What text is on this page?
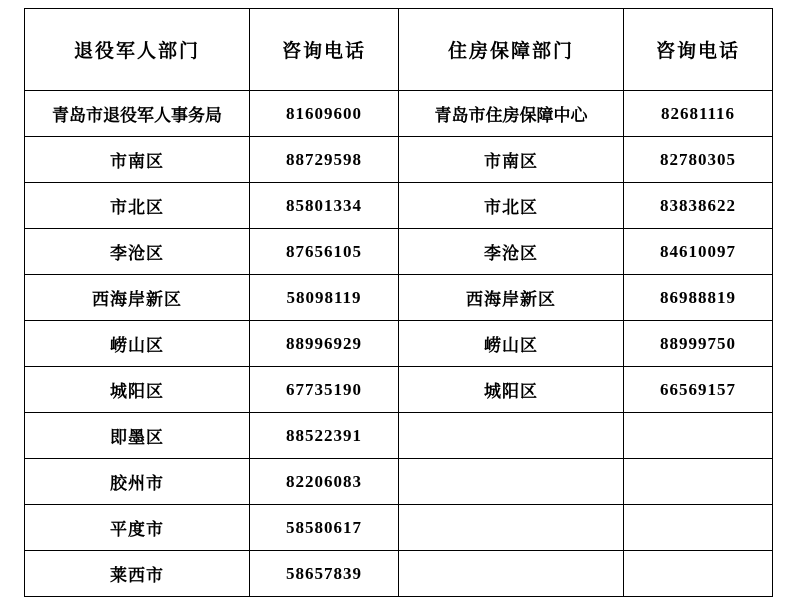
退役军人部门	咨询电话	住房保障部门	咨询电话
青岛市退役军人事务局	81609600	青岛市住房保障中心	82681116
市南区	88729598	市南区	82780305
市北区	85801334	市北区	83838622
李沧区	87656105	李沧区	84610097
西海岸新区	58098119	西海岸新区	86988819
崂山区	88996929	崂山区	88999750
城阳区	67735190	城阳区	66569157
即墨区	88522391		
胶州市	82206083		
平度市	58580617		
莱西市	58657839		
